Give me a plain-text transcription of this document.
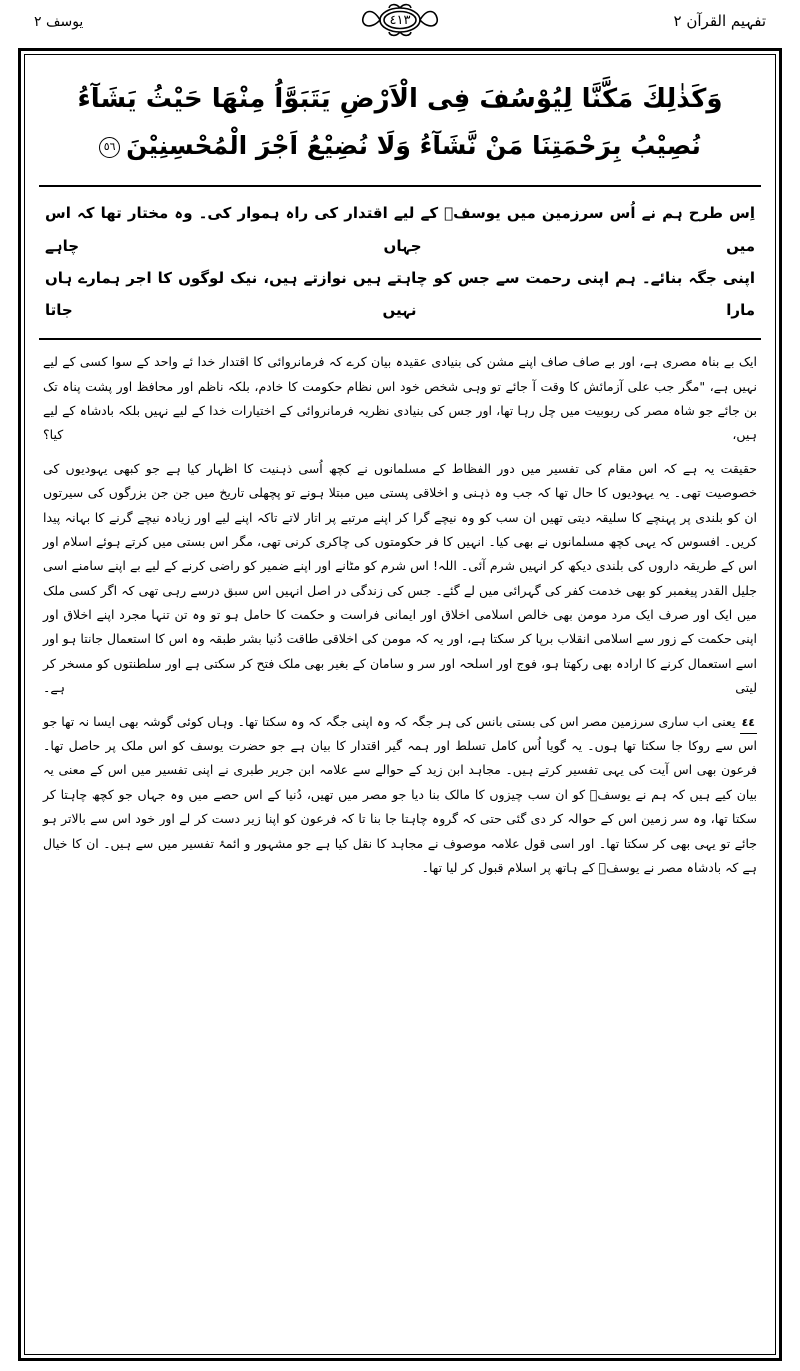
تفہيم القرآن ٢
يوسف ٢	٤١٣
وَكَذٰلِكَ مَكَّنَّا لِيُوْسُفَ فِى الْاَرْضِ يَتَبَوَّاُ مِنْهَا حَيْثُ يَشَآءُ
نُصِيْبُ بِرَحْمَتِنَا مَنْ نَّشَآءُ وَلَا نُضِيْعُ اَجْرَ الْمُحْسِنِيْنَ٥٦
اِس طرح ہم نے اُس سرزمین میں یوسفؑ کے لیے اقتدار کی راہ ہموار کی۔ وہ مختار تھا کہ اس میں جہاں چاہے
اپنی جگہ بنائے۔ ہم اپنی رحمت سے جس کو چاہتے ہیں نوازتے ہیں، نیک لوگوں کا اجر ہمارے ہاں مارا نہیں جاتا

ایک بے بناہ مصری ہے، اور بے صاف صاف اپنے مشن کی بنیادی عقیدہ بیان کرے کہ فرمانروائی کا اقتدار خدا ئے واحد کے سوا کسی کے لیے نہیں ہے، "مگر جب علی آزمائش کا وقت آ جائے تو وہی شخص خود اس نظام حکومت کا خادم، بلکہ ناظم اور محافظ اور پشت پناہ تک بن جائے جو شاہ مصر کی ربوبیت میں چل رہا تھا، اور جس کی بنیادی نظریہ فرمانروائی کے اختیارات خدا کے لیے نہیں بلکہ بادشاہ کے لیے ہیں، کیا؟

حقیقت یہ ہے کہ اس مقام کی تفسیر میں دور الفظاط کے مسلمانوں نے کچھ اُسی ذہنیت کا اظہار کیا ہے جو کبھی یہودیوں کی خصوصیت تھی۔ یہ یہودیوں کا حال تھا کہ جب وہ ذہنی و اخلاقی پستی میں مبتلا ہونے تو پچھلی تاریخ میں جن جن بزرگوں کی سیرتوں ان کو بلندی پر پہنچے کا سلیقہ دیتی تھیں ان سب کو وہ نیچے گرا کر اپنے مرتبے پر اتار لاتے تاکہ اپنے لیے اور زیادہ نیچے گرنے کا بہانہ پیدا کریں۔ افسوس کہ یہی کچھ مسلمانوں نے بھی کیا۔ انہیں کا فر حکومتوں کی چاکری کرنی تھی، مگر اس بستی میں کرتے ہوئے اسلام اور اس کے طریقہ داروں کی بلندی دیکھ کر انہیں شرم آئی۔ اللہ! اس شرم کو مٹانے اور اپنے ضمیر کو راضی کرنے کے لیے بے اپنے سامنے اسی جلیل القدر پیغمبر کو بھی خدمت کفر کی گہرائی میں لے گئے۔ جس کی زندگی در اصل انہیں اس سبق درسے رہی تھی کہ اگر کسی ملک میں ایک اور صرف ایک مرد مومن بھی خالص اسلامی اخلاق اور ایمانی فراست و حکمت کا حامل ہو تو وہ تن تنہا مجرد اپنے اخلاق اور اپنی حکمت کے زور سے اسلامی انقلاب برپا کر سکتا ہے، اور یہ کہ مومن کی اخلاقی طاقت دُنیا بشر طبقہ وہ اس کا استعمال جانتا ہو اور اسے استعمال کرنے کا ارادہ بھی رکھتا ہو، فوج اور اسلحہ اور سر و سامان کے بغیر بھی ملک فتح کر سکتی ہے اور سلطنتوں کو مسخر کر لیتی ہے۔

٤٤یعنی اب ساری سرزمین مصر اس کی بستی بانس کی ہر جگہ کہ وہ اپنی جگہ کہ وہ سکتا تھا۔ وہاں کوئی گوشہ بھی ایسا نہ تھا جو اس سے روکا جا سکتا تھا ہوں۔ یہ گویا اُس کامل تسلط اور ہمہ گیر اقتدار کا بیان ہے جو حضرت یوسف کو اس ملک پر حاصل تھا۔ فرعون بھی اس آیت کی یہی تفسیر کرتے ہیں۔ مجاہد ابن زید کے حوالے سے علامہ ابن جریر طبری نے اپنی تفسیر میں اس کے معنی یہ بیان کیے ہیں کہ ہم نے یوسفؑ کو ان سب چیزوں کا مالک بنا دیا جو مصر میں تھیں، دُنیا کے اس حصے میں وہ جہاں جو کچھ چاہتا کر سکتا تھا، وہ سر زمین اس کے حوالہ کر دی گئی حتی کہ گروہ چاہتا جا بنا تا کہ فرعون کو اپنا زیر دست کر لے اور خود اس سے بالاتر ہو جائے تو یہی بھی کر سکتا تھا۔ اور اسی قول علامہ موصوف نے مجاہد کا نقل کیا ہے جو مشہور و ائمۂ تفسیر میں سے ہیں۔ ان کا خیال ہے کہ بادشاہ مصر نے یوسفؑ کے ہاتھ پر اسلام قبول کر لیا تھا۔
